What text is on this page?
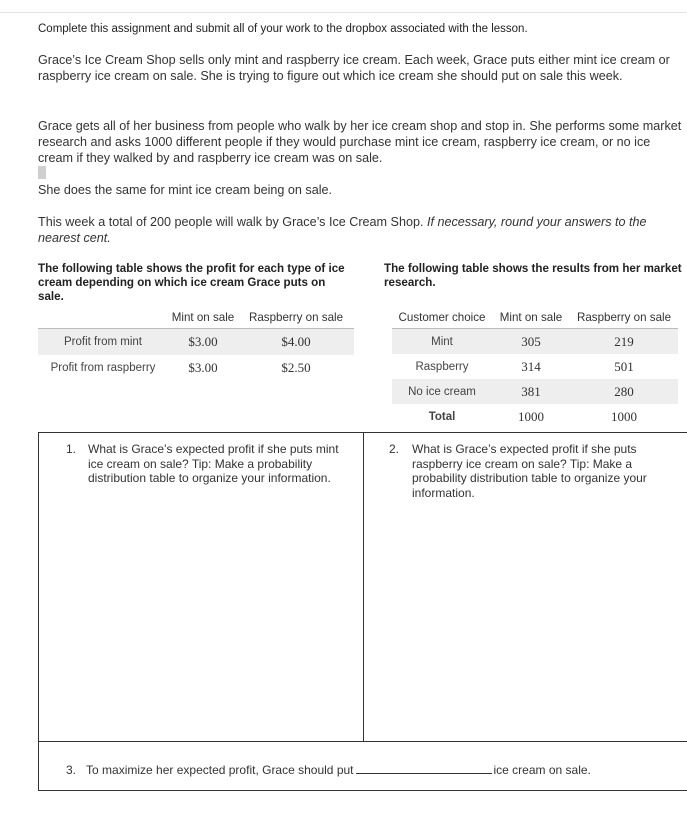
Complete this assignment and submit all of your work to the dropbox associated with the lesson.
Grace’s Ice Cream Shop sells only mint and raspberry ice cream. Each week, Grace puts either mint ice cream or raspberry ice cream on sale. She is trying to figure out which ice cream she should put on sale this week.
Grace gets all of her business from people who walk by her ice cream shop and stop in. She performs some market research and asks 1000 different people if they would purchase mint ice cream, raspberry ice cream, or no ice cream if they walked by and raspberry ice cream was on sale.
She does the same for mint ice cream being on sale.
This week a total of 200 people will walk by Grace’s Ice Cream Shop. If necessary, round your answers to the nearest cent.
The following table shows the profit for each type of ice cream depending on which ice cream Grace puts on sale.
The following table shows the results from her market research.
	Mint on sale	Raspberry on sale
Profit from mint	$3.00	$4.00
Profit from raspberry	$3.00	$2.50
Customer choice	Mint on sale	Raspberry on sale
Mint	305	219
Raspberry	314	501
No ice cream	381	280
Total	1000	1000
1. What is Grace’s expected profit if she puts mint ice cream on sale? Tip: Make a probability distribution table to organize your information.
2. What is Grace’s expected profit if she puts raspberry ice cream on sale? Tip: Make a probability distribution table to organize your information.
3. To maximize her expected profit, Grace should put	ice cream on sale.
